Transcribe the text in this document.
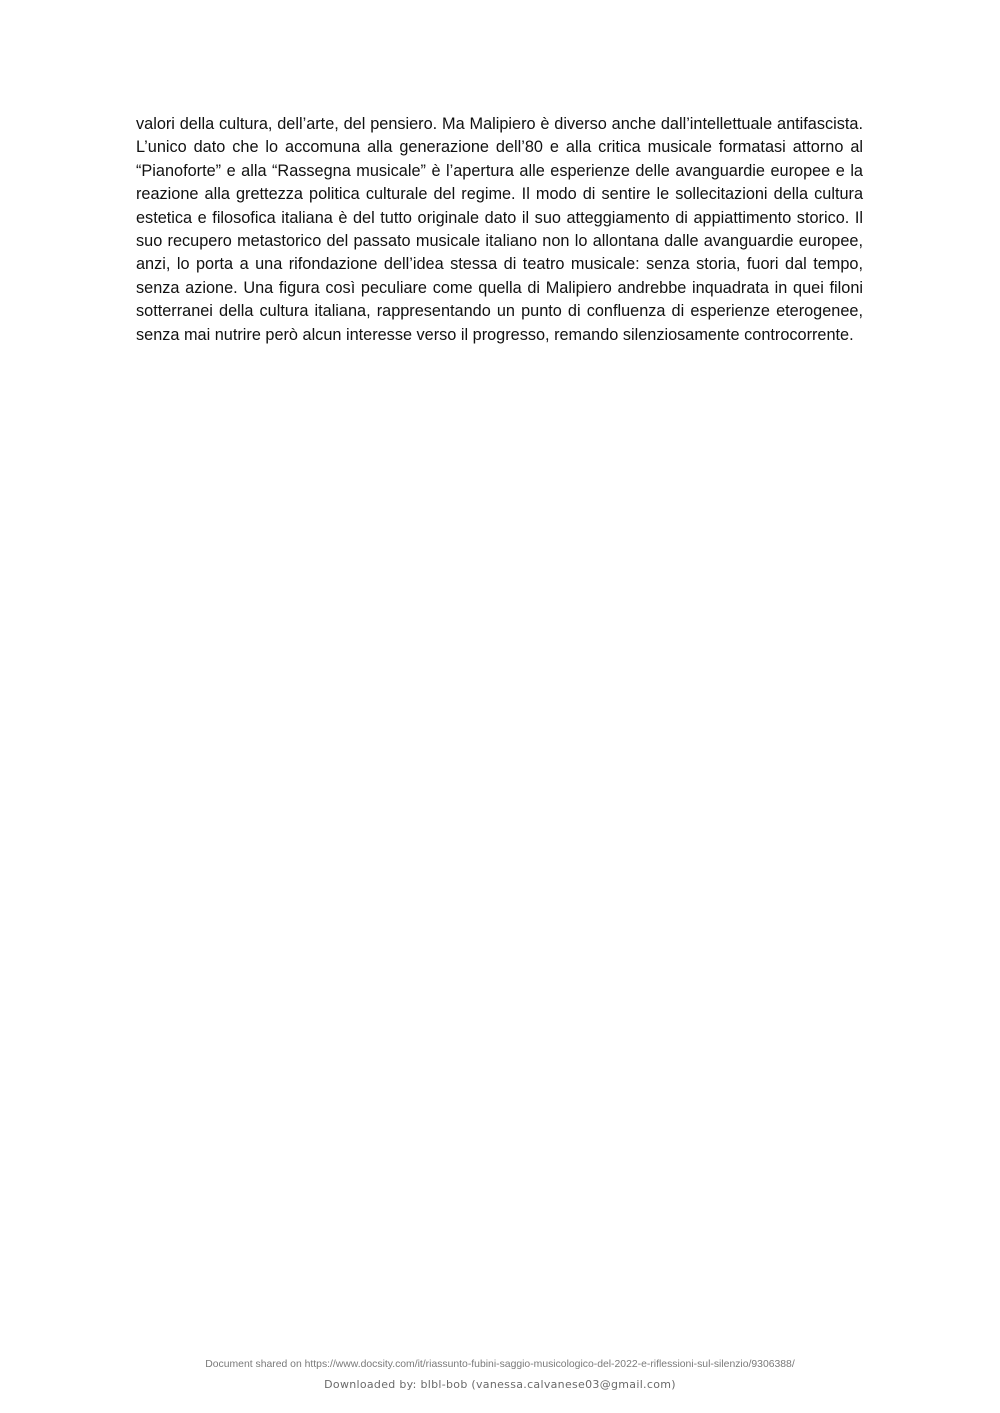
valori della cultura, dell’arte, del pensiero. Ma Malipiero è diverso anche dall’intellettuale antifascista. L’unico dato che lo accomuna alla generazione dell’80 e alla critica musicale formatasi attorno al “Pianoforte” e alla “Rassegna musicale” è l’apertura alle esperienze delle avanguardie europee e la reazione alla grettezza politica culturale del regime. Il modo di sentire le sollecitazioni della cultura estetica e filosofica italiana è del tutto originale dato il suo atteggiamento di appiattimento storico. Il suo recupero metastorico del passato musicale italiano non lo allontana dalle avanguardie europee, anzi, lo porta a una rifondazione dell’idea stessa di teatro musicale: senza storia, fuori dal tempo, senza azione. Una figura così peculiare come quella di Malipiero andrebbe inquadrata in quei filoni sotterranei della cultura italiana, rappresentando un punto di confluenza di esperienze eterogenee, senza mai nutrire però alcun interesse verso il progresso, remando silenziosamente controcorrente.

Document shared on https://www.docsity.com/it/riassunto-fubini-saggio-musicologico-del-2022-e-riflessioni-sul-silenzio/9306388/
Downloaded by: blbl-bob (vanessa.calvanese03@gmail.com)
